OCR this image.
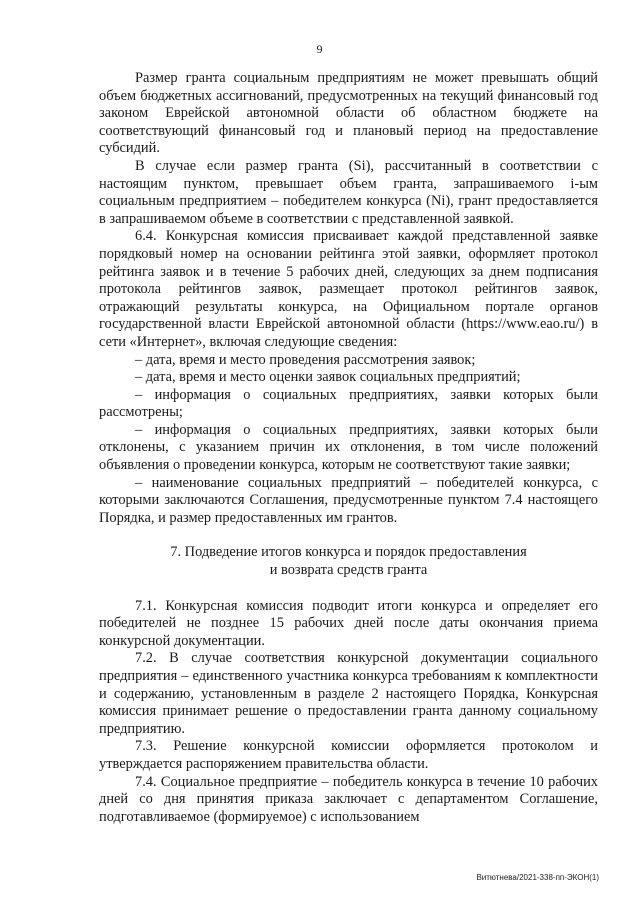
9

Размер гранта социальным предприятиям не может превышать общий объем бюджетных ассигнований, предусмотренных на текущий финансовый год законом Еврейской автономной области об областном бюджете на соответствующий финансовый год и плановый период на предоставление субсидий.

В случае если размер гранта (Si), рассчитанный в соответствии с настоящим пунктом, превышает объем гранта, запрашиваемого i-ым социальным предприятием – победителем конкурса (Ni), грант предоставляется в запрашиваемом объеме в соответствии с представленной заявкой.

6.4. Конкурсная комиссия присваивает каждой представленной заявке порядковый номер на основании рейтинга этой заявки, оформляет протокол рейтинга заявок и в течение 5 рабочих дней, следующих за днем подписания протокола рейтингов заявок, размещает протокол рейтингов заявок, отражающий результаты конкурса, на Официальном портале органов государственной власти Еврейской автономной области (https://www.eao.ru/) в сети «Интернет», включая следующие сведения:

– дата, время и место проведения рассмотрения заявок;

– дата, время и место оценки заявок социальных предприятий;

– информация о социальных предприятиях, заявки которых были рассмотрены;

– информация о социальных предприятиях, заявки которых были отклонены, с указанием причин их отклонения, в том числе положений объявления о проведении конкурса, которым не соответствуют такие заявки;

– наименование социальных предприятий – победителей конкурса, с которыми заключаются Соглашения, предусмотренные пунктом 7.4 настоящего Порядка, и размер предоставленных им грантов.

7. Подведение итогов конкурса и порядок предоставления

и возврата средств гранта

7.1. Конкурсная комиссия подводит итоги конкурса и определяет его победителей не позднее 15 рабочих дней после даты окончания приема конкурсной документации.

7.2. В случае соответствия конкурсной документации социального предприятия – единственного участника конкурса требованиям к комплектности и содержанию, установленным в разделе 2 настоящего Порядка, Конкурсная комиссия принимает решение о предоставлении гранта данному социальному предприятию.

7.3. Решение конкурсной комиссии оформляется протоколом и утверждается распоряжением правительства области.

7.4. Социальное предприятие – победитель конкурса в течение 10 рабочих дней со дня принятия приказа заключает с департаментом Соглашение, подготавливаемое (формируемое) с использованием

Витютнева/2021-338-пп-ЭКОН(1)
